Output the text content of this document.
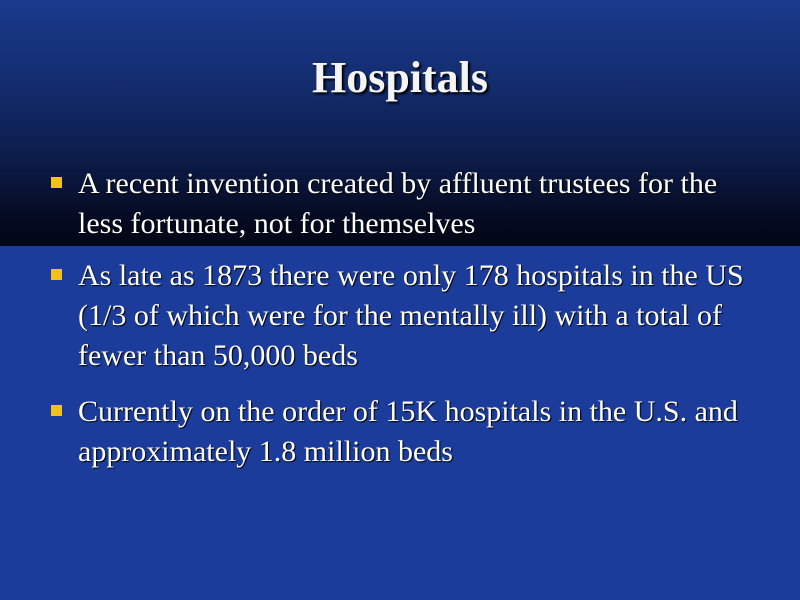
Hospitals
A recent invention created by affluent trustees for the less fortunate, not for themselves
As late as 1873 there were only 178 hospitals in the US (1/3 of which were for the mentally ill) with a total of fewer than 50,000 beds
Currently on the order of 15K hospitals in the U.S. and approximately 1.8 million beds
